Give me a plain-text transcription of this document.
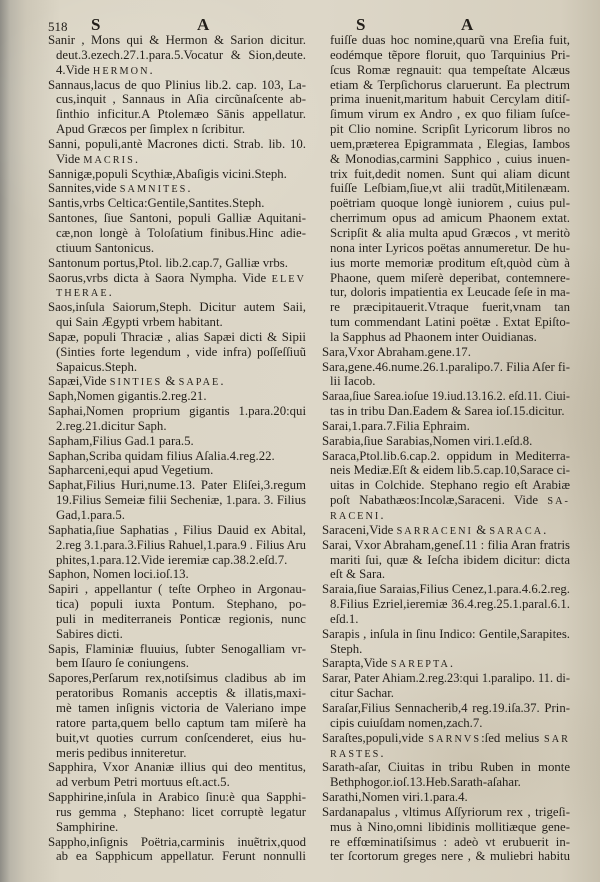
518 S	A	S	A
Sanir , Mons qui & Hermon & Sarion dicitur.
deut.3.ezech.27.1.para.5.Vocatur & Sion,deute.
4.Vide HERMON.
Sannaus,lacus de quo Plinius lib.2. cap. 103, La-
cus,inquit , Sannaus in Aſia circũnaſcente ab-
ſinthio inficitur.A Ptolemæo Sānis appellatur.
Apud Græcos per ſimplex n ſcribitur.
Sanni, populi,antè Macrones dicti. Strab. lib. 10.
Vide MACRIS.
Sannigæ,populi Scythiæ,Abaſigis vicini.Steph.
Sannites,vide SAMNITES.
Santis,vrbs Celtica:Gentile,Santites.Steph.
Santones, ſiue Santoni, populi Galliæ Aquitani-
cæ,non longè à Toloſatium finibus.Hinc adie-
ctiuum Santonicus.
Santonum portus,Ptol. lib.2.cap.7, Galliæ vrbs.
Saorus,vrbs dicta à Saora Nympha. Vide ELEV
THERAE.
Saos,inſula Saiorum,Steph. Dicitur autem Saii,
qui Sain Ægypti vrbem habitant.
Sapæ, populi Thraciæ , alias Sapæi dicti & Sipii
(Sinties forte legendum , vide infra) poſſeſſiuũ
Sapaicus.Steph.
Sapæi,Vide SINTIES & SAPAE.
Saph,Nomen gigantis.2.reg.21.
Saphai,Nomen proprium gigantis 1.para.20:qui
2.reg.21.dicitur Saph.
Sapham,Filius Gad.1 para.5.
Saphan,Scriba quidam filius Aſalia.4.reg.22.
Sapharceni,equi apud Vegetium.
Saphat,Filius Huri,nume.13. Pater Eliſei,3.regum
19.Filius Semeiæ filii Secheniæ, 1.para. 3. Filius
Gad,1.para.5.
Saphatia,ſiue Saphatias , Filius Dauid ex Abital,
2.reg 3.1.para.3.Filius Rahuel,1.para.9 . Filius Aru
phites,1.para.12.Vide ieremiæ cap.38.2.eſd.7.
Saphon, Nomen loci.ioſ.13.
Sapiri , appellantur ( teſte Orpheo in Argonau-
tica) populi iuxta Pontum. Stephano, po-
puli in mediterraneis Ponticæ regionis, nunc
Sabires dicti.
Sapis, Flaminiæ fluuius, ſubter Senogalliam vr-
bem Iſauro ſe coniungens.
Sapores,Perſarum rex,notiſsimus cladibus ab im
peratoribus Romanis acceptis & illatis,maxi-
mè tamen inſignis victoria de Valeriano impe
ratore parta,quem bello captum tam miſerè ha
buit,vt quoties currum conſcenderet, eius hu-
meris pedibus inniteretur.
Sapphira, Vxor Ananiæ illius qui deo mentitus,
ad verbum Petri mortuus eſt.act.5.
Sapphirine,inſula in Arabico ſinu:è qua Sapphi-
rus gemma , Stephano: licet corruptè legatur
Samphirine.
Sappho,inſignis Poëtria,carminis inuẽtrix,quod
ab ea Sapphicum appellatur. Ferunt nonnulli
fuiſſe duas hoc nomine,quarũ vna Ereſia fuit,
eodémque tẽpore floruit, quo Tarquinius Pri-
ſcus Romæ regnauit: qua tempeſtate Alcæus
etiam & Terpſichorus claruerunt. Ea plectrum
prima inuenit,maritum habuit Cercylam ditiſ-
ſimum virum ex Andro , ex quo filiam ſuſce-
pit Clio nomine. Scripſit Lyricorum libros no
uem,præterea Epigrammata , Elegias, Iambos
& Monodias,carmini Sapphico , cuius inuen-
trix fuit,dedit nomen. Sunt qui aliam dicunt
fuiſſe Leſbiam,ſiue,vt alii tradũt,Mitilenæam.
poëtriam quoque longè iuniorem , cuius pul-
cherrimum opus ad amicum Phaonem extat.
Scripſit & alia multa apud Græcos , vt meritò
nona inter Lyricos poëtas annumeretur. De hu-
ius morte memoriæ proditum eſt,quòd cùm à
Phaone, quem miſerè deperibat, contemnere-
tur, doloris impatientia ex Leucade ſeſe in ma-
re præcipitauerit.Vtraque fuerit,vnam tan
tum commendant Latini poëtæ . Extat Epiſto-
la Sapphus ad Phaonem inter Ouidianas.
Sara,Vxor Abraham.gene.17.
Sara,gene.46.nume.26.1.paralipo.7. Filia Aſer fi-
lii Iacob.
Saraa,ſiue Sarea.ioſue 19.iud.13.16.2. eſd.11. Ciui-
tas in tribu Dan.Eadem & Sarea ioſ.15.dicitur.
Sarai,1.para.7.Filia Ephraim.
Sarabia,ſiue Sarabias,Nomen viri.1.eſd.8.
Saraca,Ptol.lib.6.cap.2. oppidum in Mediterra-
neis Mediæ.Eſt & eidem lib.5.cap.10,Sarace ci-
uitas in Colchide. Stephano regio eſt Arabiæ
poſt Nabathæos:Incolæ,Saraceni. Vide SA-
RACENI.
Saraceni,Vide SARRACENI & SARACA.
Sarai, Vxor Abraham,geneſ.11 : filia Aran fratris
mariti ſui, quæ & Ieſcha ibidem dicitur: dicta
eſt & Sara.
Saraia,ſiue Saraias,Filius Cenez,1.para.4.6.2.reg.
8.Filius Ezriel,ieremiæ 36.4.reg.25.1.paral.6.1.
eſd.1.
Sarapis , inſula in ſinu Indico: Gentile,Sarapites.
Steph.
Sarapta,Vide SAREPTA.
Sarar, Pater Ahiam.2.reg.23:qui 1.paralipo. 11. di-
citur Sachar.
Saraſar,Filius Sennacherib,4 reg.19.iſa.37. Prin-
cipis cuiuſdam nomen,zach.7.
Saraſtes,populi,vide SARNVS:ſed melius SAR
RASTES.
Sarath-aſar, Ciuitas in tribu Ruben in monte
Bethphogor.ioſ.13.Heb.Sarath-aſahar.
Sarathi,Nomen viri.1.para.4.
Sardanapalus , vltimus Aſſyriorum rex , trigeſi-
mus à Nino,omni libidinis mollitiæque gene-
re effœminatiſsimus : adeò vt erubuerit in-
ter ſcortorum greges nere , & muliebri habitu
